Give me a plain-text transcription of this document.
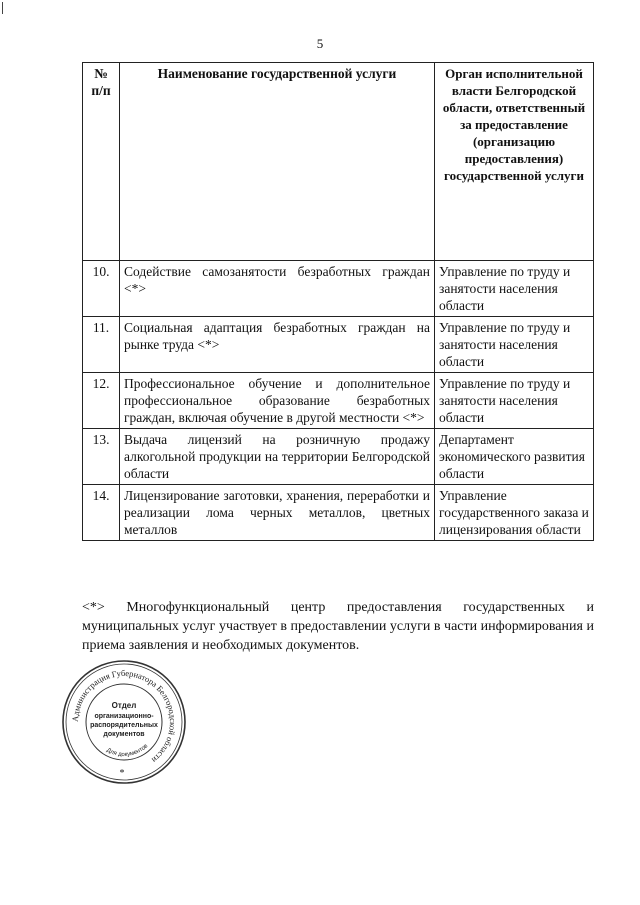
5
№ п/п	Наименование государственной услуги	Орган исполнительной власти Белгородской области, ответственный за предоставление (организацию предоставления) государственной услуги
10.	Содействие самозанятости безработных граждан <*>	Управление по труду и занятости населения области
11.	Социальная адаптация безработных граждан на рынке труда <*>	Управление по труду и занятости населения области
12.	Профессиональное обучение и дополнительное профессиональное образование безработных граждан, включая обучение в другой местности <*>	Управление по труду и занятости населения области
13.	Выдача лицензий на розничную продажу алкогольной продукции на территории Белгородской области	Департамент экономического развития области
14.	Лицензирование заготовки, хранения, переработки и реализации лома черных металлов, цветных металлов	Управление государственного заказа и лицензирования области
<*> Многофункциональный центр предоставления государственных и муниципальных услуг участвует в предоставлении услуги в части информирования и приема заявления и необходимых документов.
Администрация Губернатора Белгородской области
Для документов
Отдел
организационно-
распорядительных
документов
*
